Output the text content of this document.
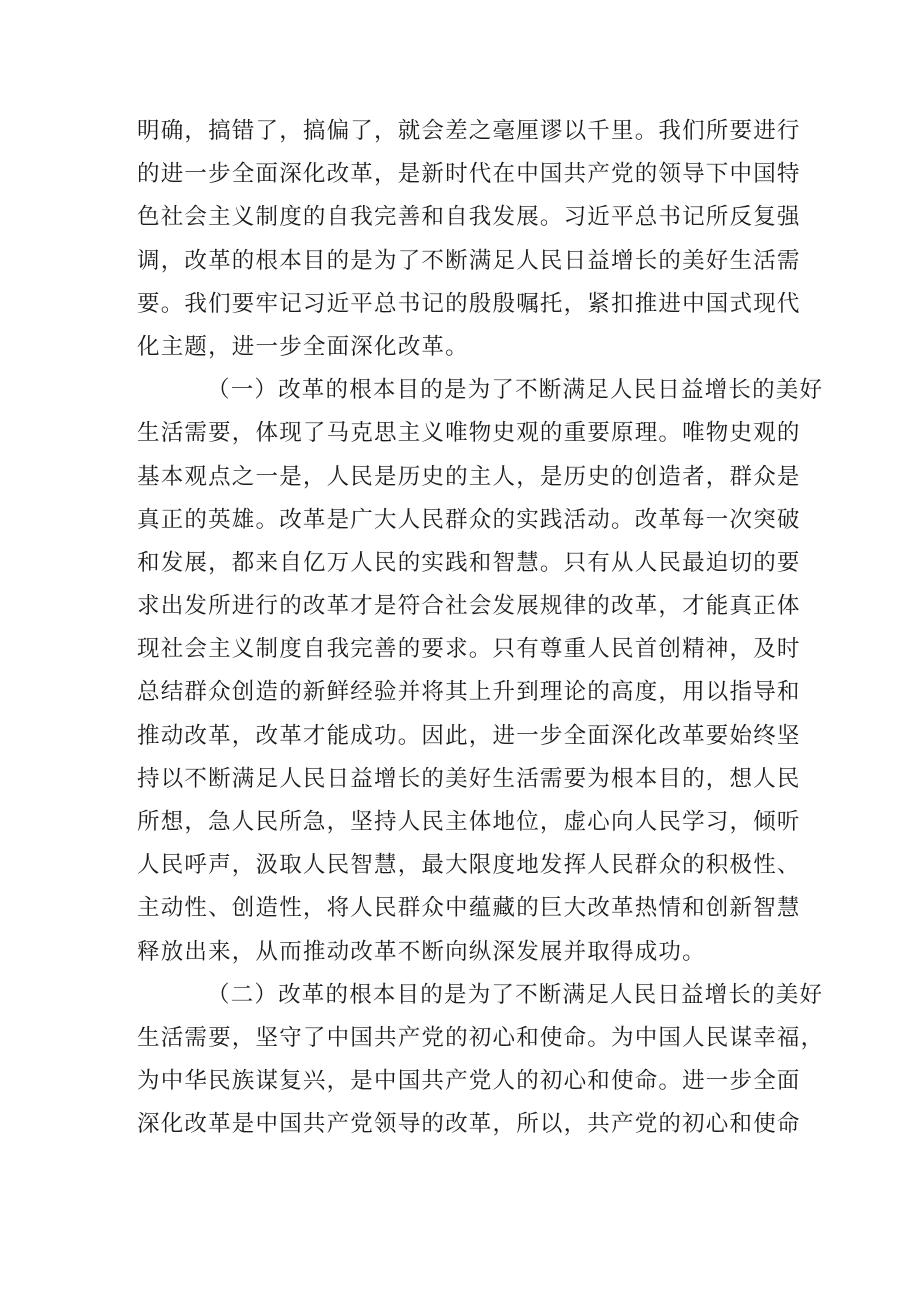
明确，搞错了，搞偏了，就会差之毫厘谬以千里。我们所要进行
的进一步全面深化改革，是新时代在中国共产党的领导下中国特
色社会主义制度的自我完善和自我发展。习近平总书记所反复强
调，改革的根本目的是为了不断满足人民日益增长的美好生活需
要。我们要牢记习近平总书记的殷殷嘱托，紧扣推进中国式现代
化主题，进一步全面深化改革。
（一）改革的根本目的是为了不断满足人民日益增长的美好
生活需要，体现了马克思主义唯物史观的重要原理。唯物史观的
基本观点之一是，人民是历史的主人，是历史的创造者，群众是
真正的英雄。改革是广大人民群众的实践活动。改革每一次突破
和发展，都来自亿万人民的实践和智慧。只有从人民最迫切的要
求出发所进行的改革才是符合社会发展规律的改革，才能真正体
现社会主义制度自我完善的要求。只有尊重人民首创精神，及时
总结群众创造的新鲜经验并将其上升到理论的高度，用以指导和
推动改革，改革才能成功。因此，进一步全面深化改革要始终坚
持以不断满足人民日益增长的美好生活需要为根本目的，想人民
所想，急人民所急，坚持人民主体地位，虚心向人民学习，倾听
人民呼声，汲取人民智慧，最大限度地发挥人民群众的积极性、
主动性、创造性，将人民群众中蕴藏的巨大改革热情和创新智慧
释放出来，从而推动改革不断向纵深发展并取得成功。
（二）改革的根本目的是为了不断满足人民日益增长的美好
生活需要，坚守了中国共产党的初心和使命。为中国人民谋幸福，
为中华民族谋复兴，是中国共产党人的初心和使命。进一步全面
深化改革是中国共产党领导的改革，所以，共产党的初心和使命
